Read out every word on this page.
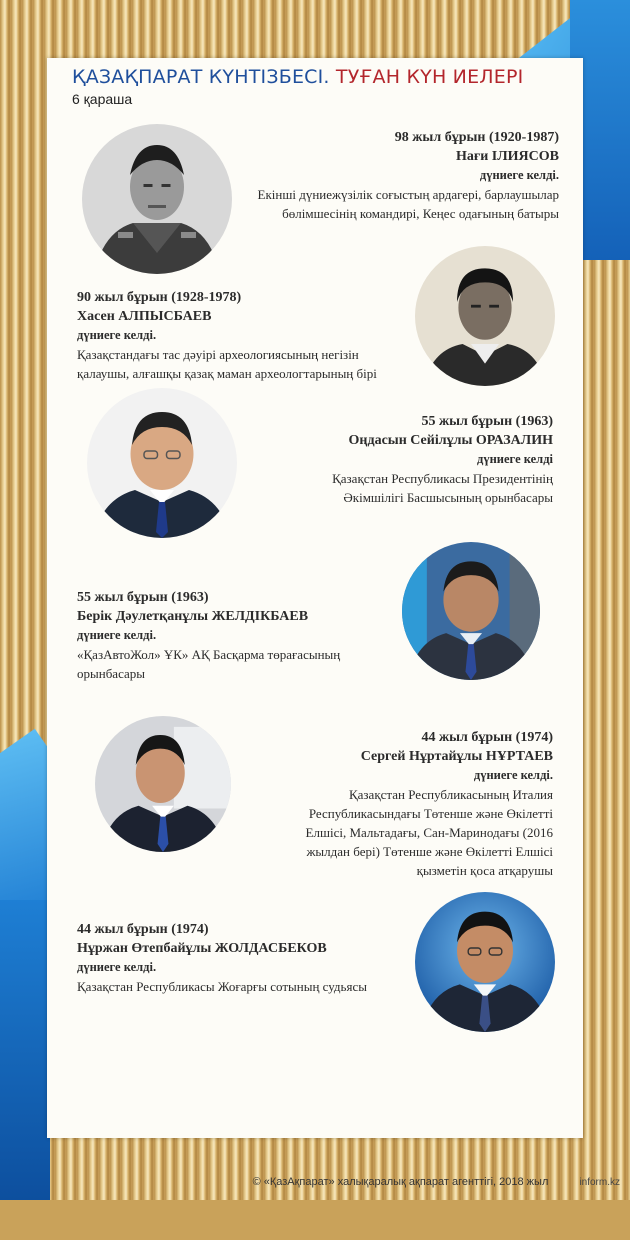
ҚАЗАҚПАРАТ КҮНТІЗБЕСІ. ТУҒАН КҮН ИЕЛЕРІ
6 қараша
98 жыл бұрын (1920-1987)
Нағи ІЛИЯСОВ
дүниеге келді.
Екінші дүниежүзілік соғыстың ардагері, барлаушылар
бөлімшесінің командирі, Кеңес одағының батыры
90 жыл бұрын (1928-1978)
Хасен АЛПЫСБАЕВ
дүниеге келді.
Қазақстандағы тас дәуірі археологиясының негізін
қалаушы, алғашқы қазақ маман археологтарының бірі
55 жыл бұрын (1963)
Оңдасын Сейілұлы ОРАЗАЛИН
дүниеге келді
Қазақстан Республикасы Президентінің
Әкімшілігі Басшысының орынбасары
55 жыл бұрын (1963)
Берік Дәулетқанұлы ЖЕЛДІКБАЕВ
дүниеге келді.
«ҚазАвтоЖол» ҰК» АҚ Басқарма төрағасының
орынбасары
44 жыл бұрын (1974)
Сергей Нұртайұлы НҰРТАЕВ
дүниеге келді.
Қазақстан Республикасының Италия
Республикасындағы Төтенше және Өкілетті
Елшісі, Мальтадағы, Сан-Маринодағы (2016
жылдан бері) Төтенше және Өкілетті Елшісі
қызметін қоса атқарушы
44 жыл бұрын (1974)
Нұржан Өтепбайұлы ЖОЛДАСБЕКОВ
дүниеге келді.
Қазақстан Республикасы Жоғарғы сотының судьясы
© «ҚазАқпарат» халықаралық ақпарат агенттігі, 2018 жыл	inform.kz
